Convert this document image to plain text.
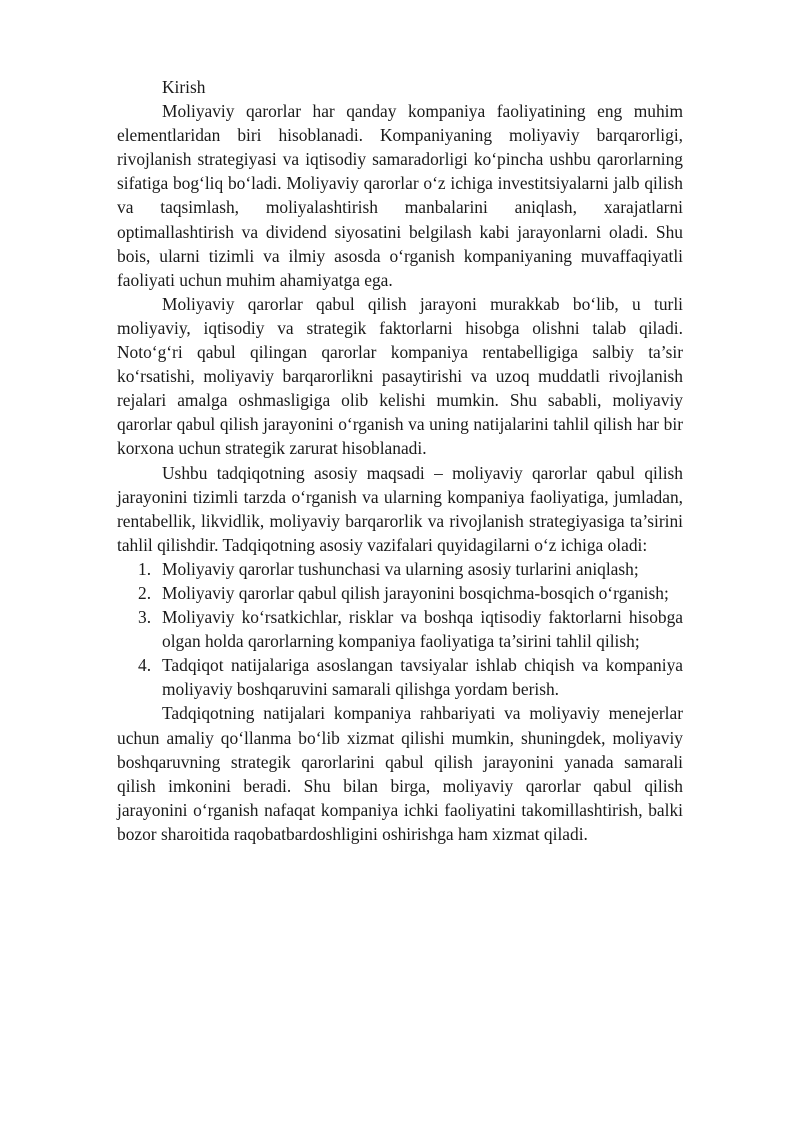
Kirish

Moliyaviy qarorlar har qanday kompaniya faoliyatining eng muhim elementlaridan biri hisoblanadi. Kompaniyaning moliyaviy barqarorligi, rivojlanish strategiyasi va iqtisodiy samaradorligi ko‘pincha ushbu qarorlarning sifatiga bog‘liq bo‘ladi. Moliyaviy qarorlar o‘z ichiga investitsiyalarni jalb qilish va taqsimlash, moliyalashtirish manbalarini aniqlash, xarajatlarni optimallashtirish va dividend siyosatini belgilash kabi jarayonlarni oladi. Shu bois, ularni tizimli va ilmiy asosda o‘rganish kompaniyaning muvaffaqiyatli faoliyati uchun muhim ahamiyatga ega.

Moliyaviy qarorlar qabul qilish jarayoni murakkab bo‘lib, u turli moliyaviy, iqtisodiy va strategik faktorlarni hisobga olishni talab qiladi. Noto‘g‘ri qabul qilingan qarorlar kompaniya rentabelligiga salbiy ta’sir ko‘rsatishi, moliyaviy barqarorlikni pasaytirishi va uzoq muddatli rivojlanish rejalari amalga oshmasligiga olib kelishi mumkin. Shu sababli, moliyaviy qarorlar qabul qilish jarayonini o‘rganish va uning natijalarini tahlil qilish har bir korxona uchun strategik zarurat hisoblanadi.

Ushbu tadqiqotning asosiy maqsadi – moliyaviy qarorlar qabul qilish jarayonini tizimli tarzda o‘rganish va ularning kompaniya faoliyatiga, jumladan, rentabellik, likvidlik, moliyaviy barqarorlik va rivojlanish strategiyasiga ta’sirini tahlil qilishdir. Tadqiqotning asosiy vazifalari quyidagilarni o‘z ichiga oladi:

1. Moliyaviy qarorlar tushunchasi va ularning asosiy turlarini aniqlash;
2. Moliyaviy qarorlar qabul qilish jarayonini bosqichma-bosqich o‘rganish;
3. Moliyaviy ko‘rsatkichlar, risklar va boshqa iqtisodiy faktorlarni hisobga olgan holda qarorlarning kompaniya faoliyatiga ta’sirini tahlil qilish;
4. Tadqiqot natijalariga asoslangan tavsiyalar ishlab chiqish va kompaniya moliyaviy boshqaruvini samarali qilishga yordam berish.

Tadqiqotning natijalari kompaniya rahbariyati va moliyaviy menejerlar uchun amaliy qo‘llanma bo‘lib xizmat qilishi mumkin, shuningdek, moliyaviy boshqaruvning strategik qarorlarini qabul qilish jarayonini yanada samarali qilish imkonini beradi. Shu bilan birga, moliyaviy qarorlar qabul qilish jarayonini o‘rganish nafaqat kompaniya ichki faoliyatini takomillashtirish, balki bozor sharoitida raqobatbardoshligini oshirishga ham xizmat qiladi.
